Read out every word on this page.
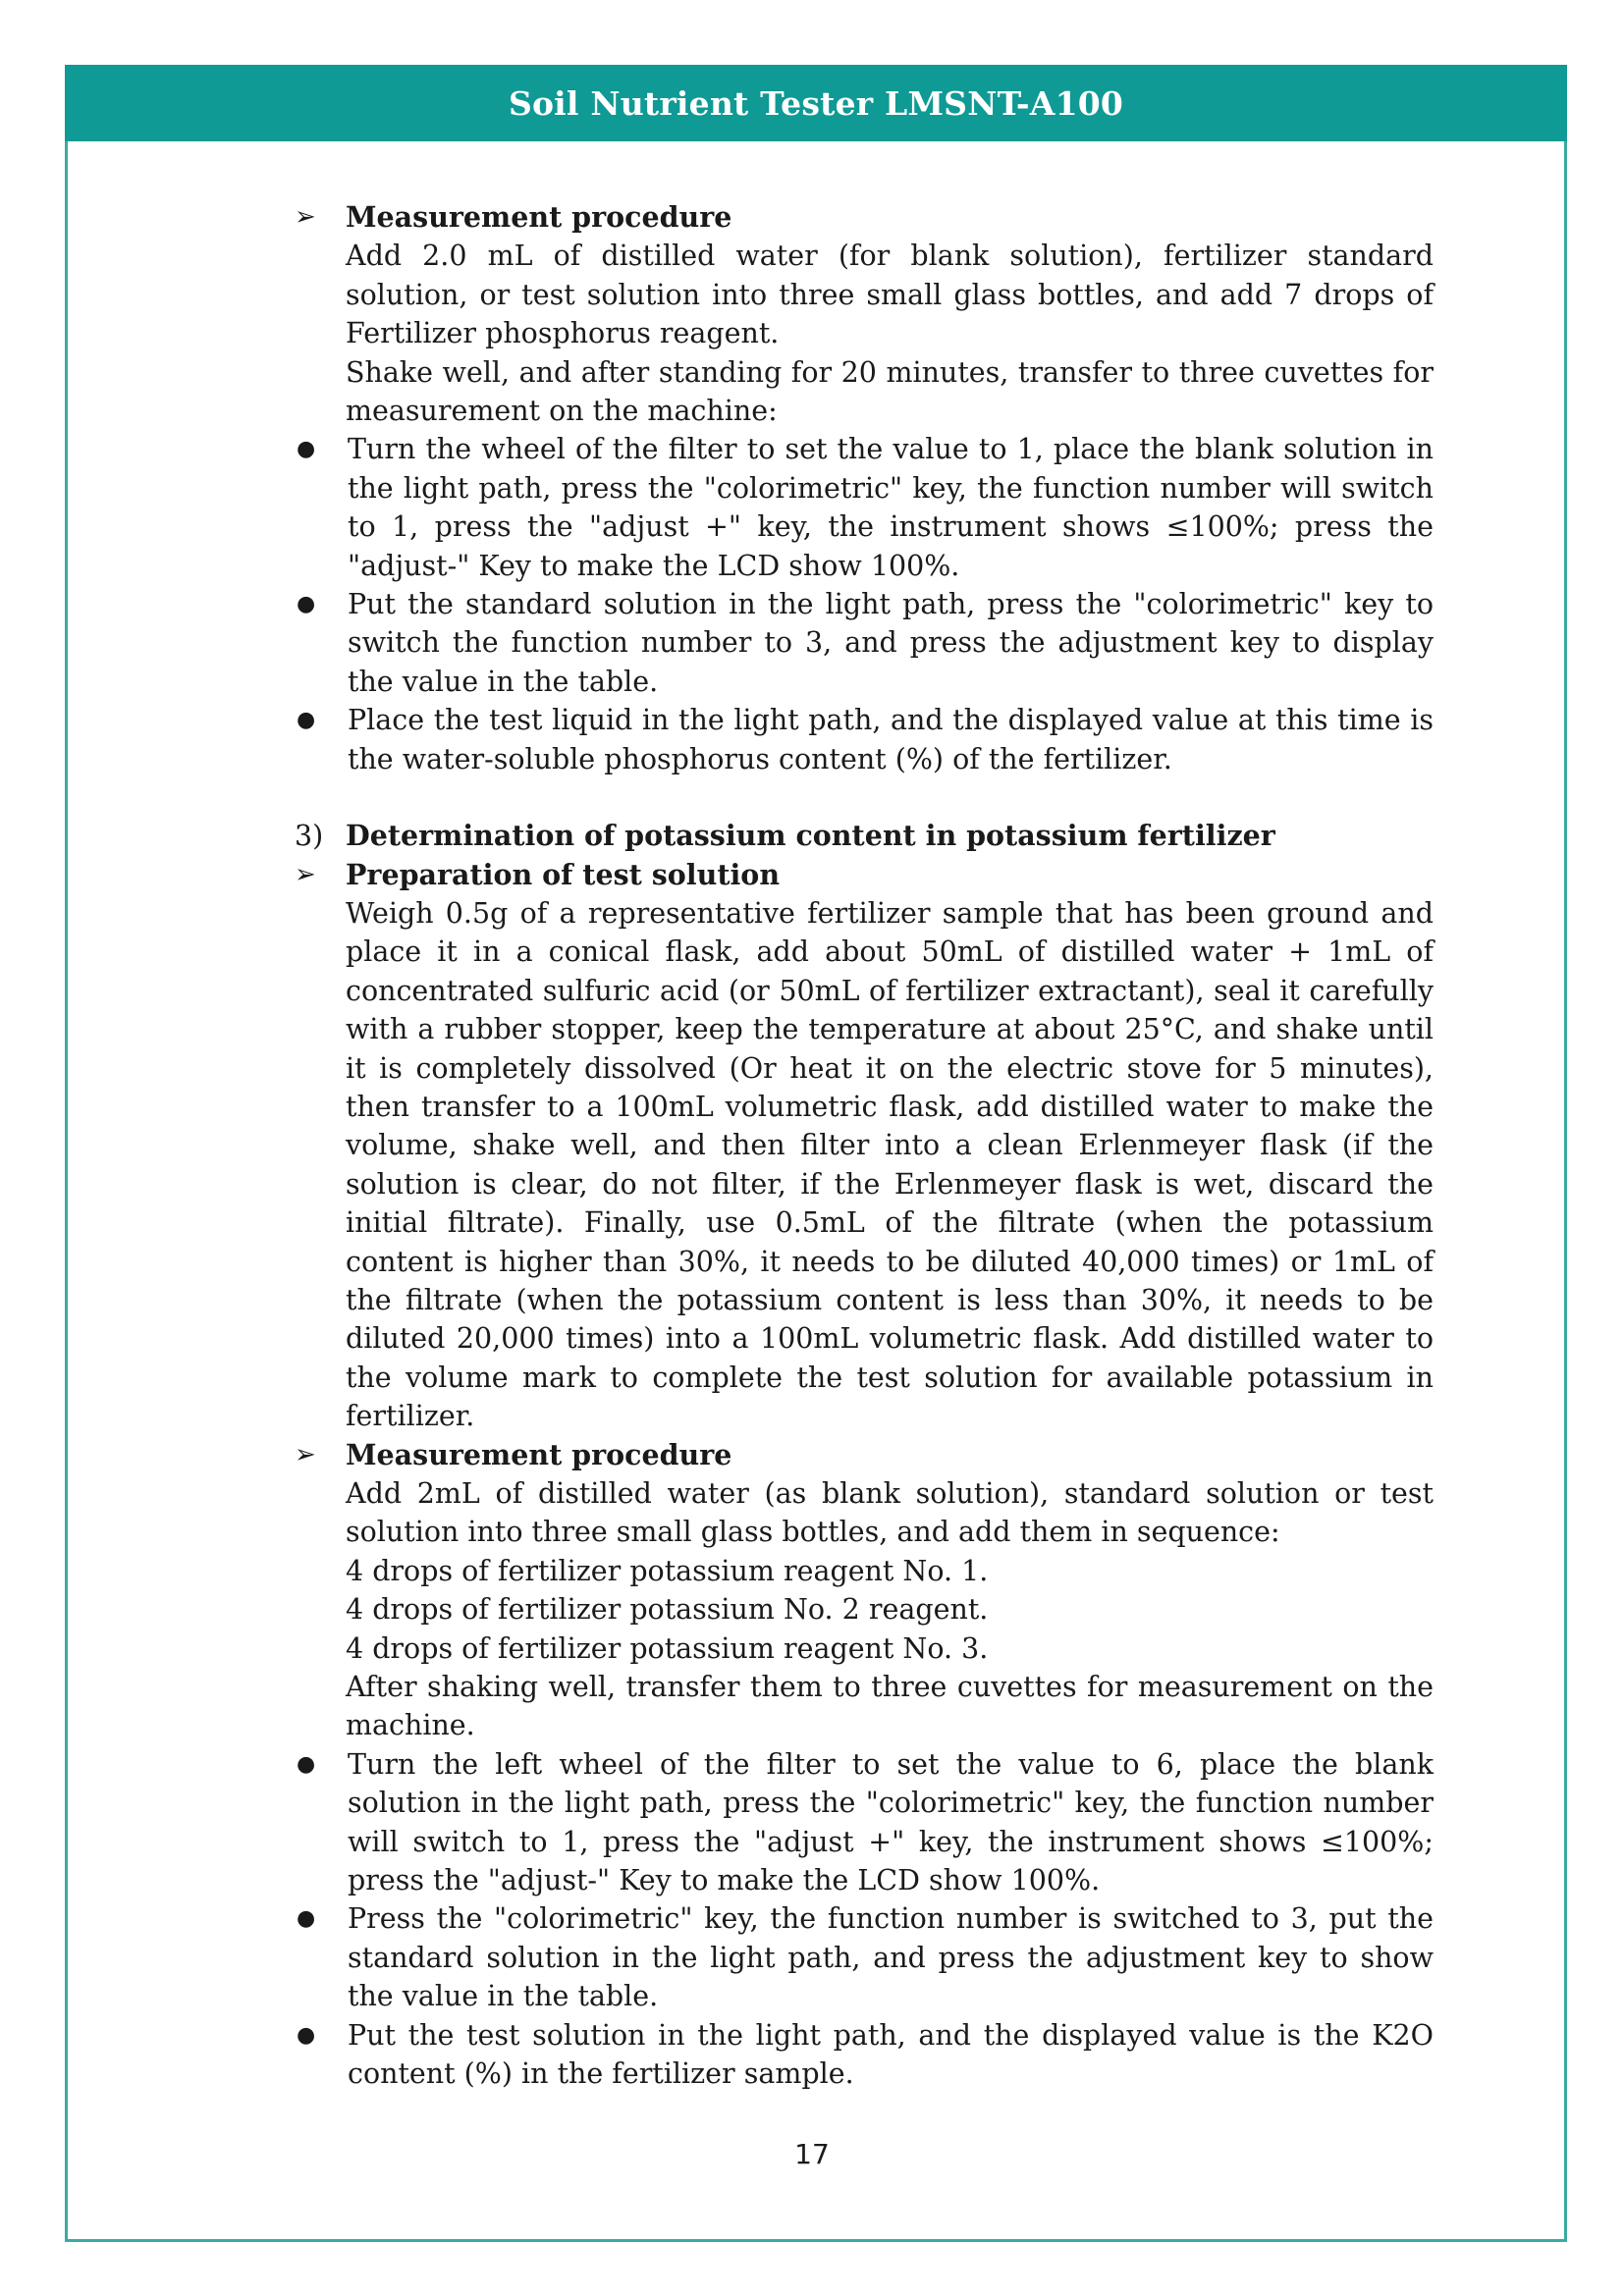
Soil Nutrient Tester LMSNT-A100
➢	Measurement procedure
Add 2.0 mL of distilled water (for blank solution), fertilizer standard solution, or test solution into three small glass bottles, and add 7 drops of Fertilizer phosphorus reagent.
Shake well, and after standing for 20 minutes, transfer to three cuvettes for measurement on the machine:
●	Turn the wheel of the filter to set the value to 1, place the blank solution in the light path, press the "colorimetric" key, the function number will switch to 1, press the "adjust +" key, the instrument shows ≤100%; press the "adjust-" Key to make the LCD show 100%.
●	Put the standard solution in the light path, press the "colorimetric" key to switch the function number to 3, and press the adjustment key to display the value in the table.
●	Place the test liquid in the light path, and the displayed value at this time is the water-soluble phosphorus content (%) of the fertilizer.
3) Determination of potassium content in potassium fertilizer
➢	Preparation of test solution
Weigh 0.5g of a representative fertilizer sample that has been ground and place it in a conical flask, add about 50mL of distilled water + 1mL of concentrated sulfuric acid (or 50mL of fertilizer extractant), seal it carefully with a rubber stopper, keep the temperature at about 25°C, and shake until it is completely dissolved (Or heat it on the electric stove for 5 minutes), then transfer to a 100mL volumetric flask, add distilled water to make the volume, shake well, and then filter into a clean Erlenmeyer flask (if the solution is clear, do not filter, if the Erlenmeyer flask is wet, discard the initial filtrate). Finally, use 0.5mL of the filtrate (when the potassium content is higher than 30%, it needs to be diluted 40,000 times) or 1mL of the filtrate (when the potassium content is less than 30%, it needs to be diluted 20,000 times) into a 100mL volumetric flask. Add distilled water to the volume mark to complete the test solution for available potassium in fertilizer.
➢	Measurement procedure
Add 2mL of distilled water (as blank solution), standard solution or test solution into three small glass bottles, and add them in sequence:
4 drops of fertilizer potassium reagent No. 1.
4 drops of fertilizer potassium No. 2 reagent.
4 drops of fertilizer potassium reagent No. 3.
After shaking well, transfer them to three cuvettes for measurement on the machine.
●	Turn the left wheel of the filter to set the value to 6, place the blank solution in the light path, press the "colorimetric" key, the function number will switch to 1, press the "adjust +" key, the instrument shows ≤100%; press the "adjust-" Key to make the LCD show 100%.
●	Press the "colorimetric" key, the function number is switched to 3, put the standard solution in the light path, and press the adjustment key to show the value in the table.
●	Put the test solution in the light path, and the displayed value is the K2O content (%) in the fertilizer sample.
17
